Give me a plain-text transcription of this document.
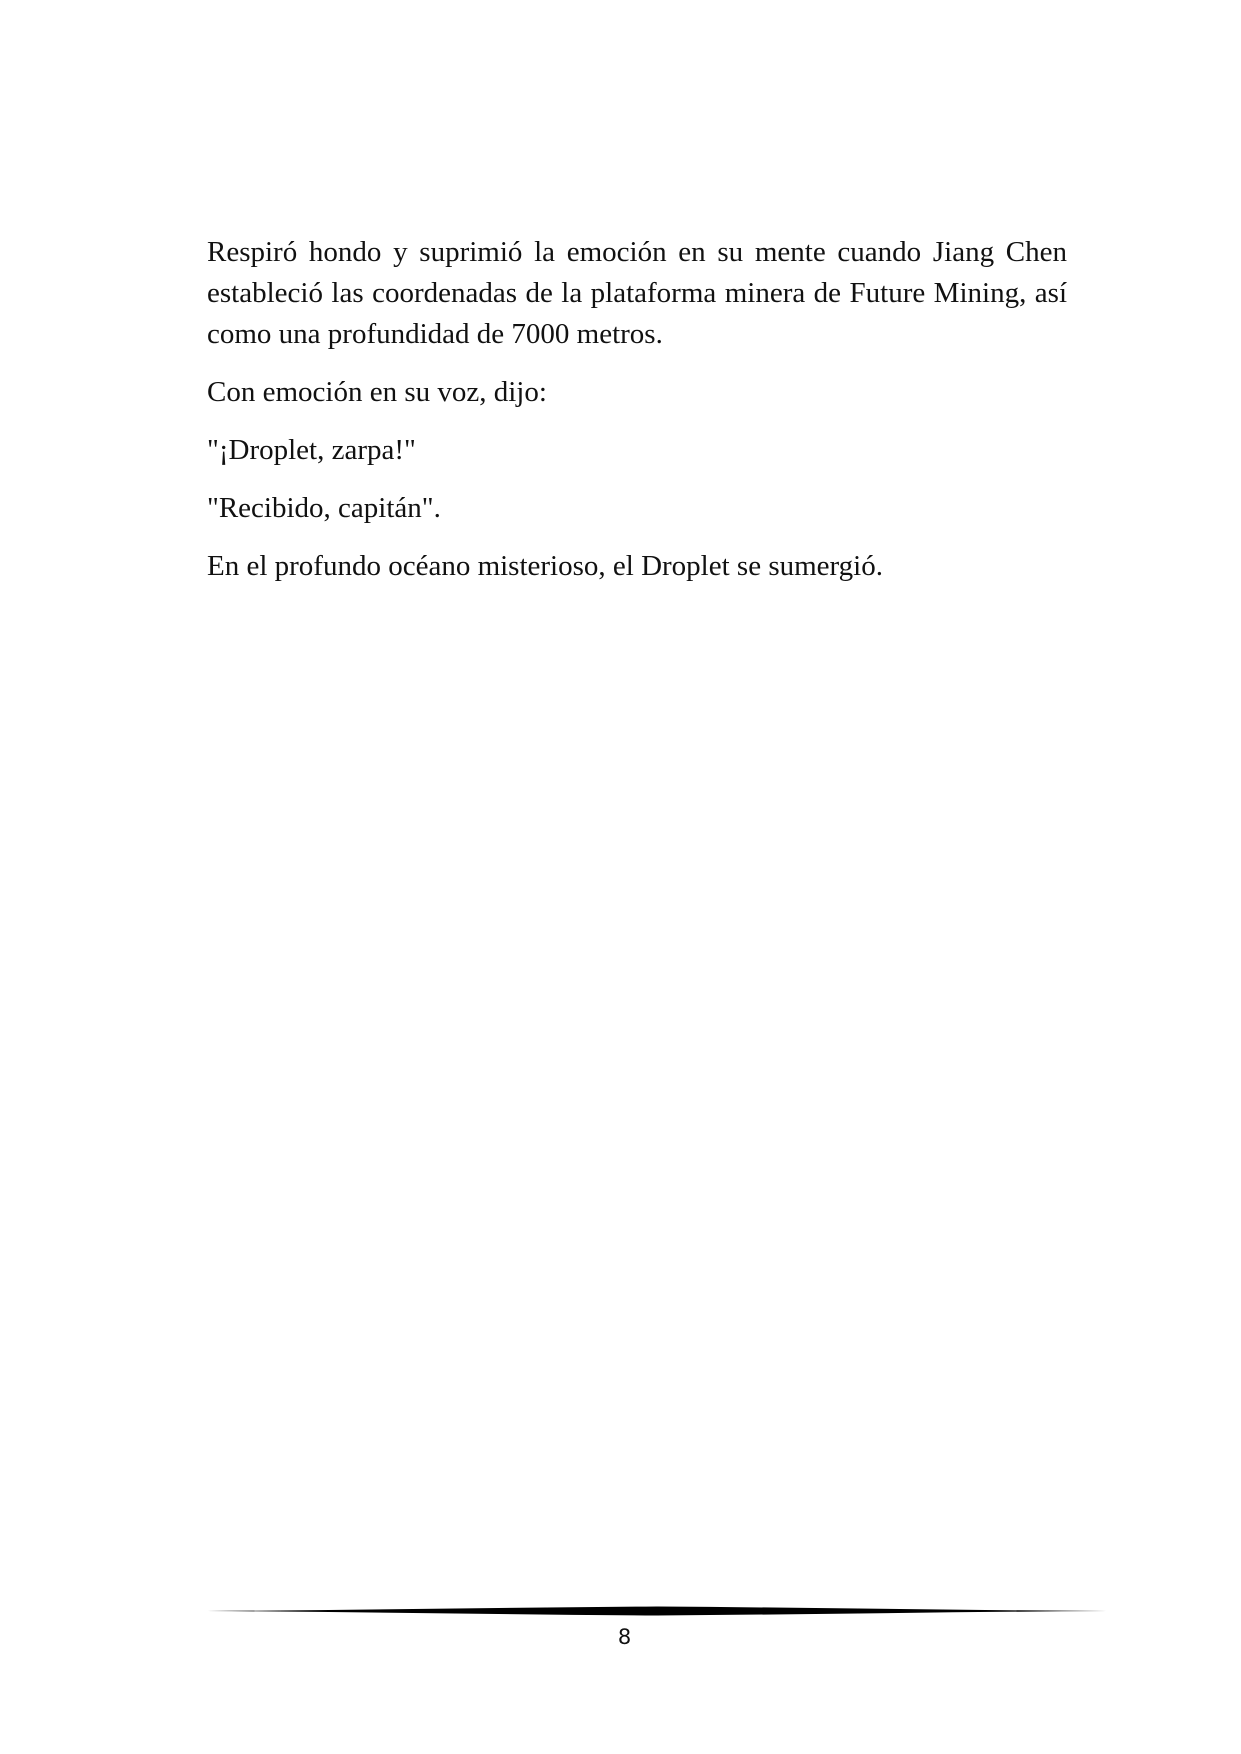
Respiró hondo y suprimió la emoción en su mente cuando Jiang Chen estableció las coordenadas de la plataforma minera de Future Mining, así como una profundidad de 7000 metros.

Con emoción en su voz, dijo:

"¡Droplet, zarpa!"

"Recibido, capitán".

En el profundo océano misterioso, el Droplet se sumergió.

8
